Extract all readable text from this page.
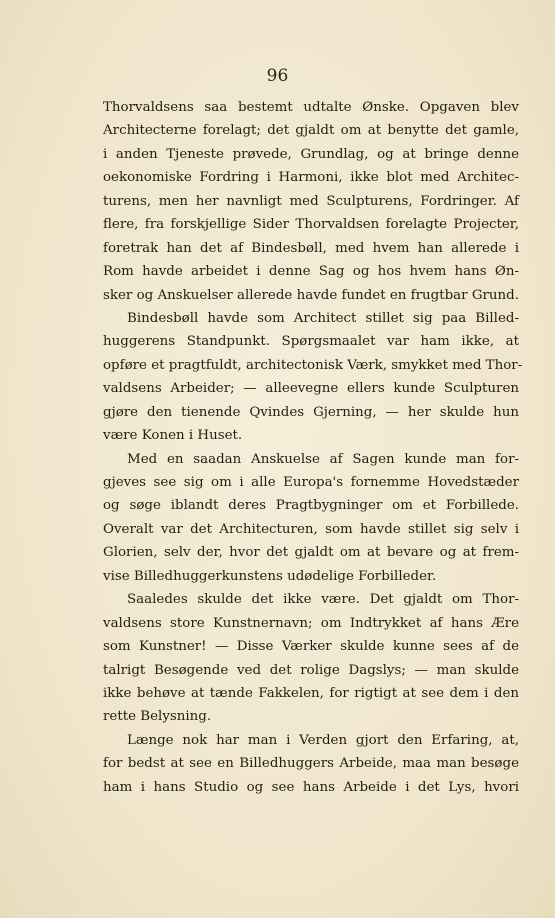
96
Thorvaldsens saa bestemt udtalte Ønske. Opgaven blev
Architecterne forelagt; det gjaldt om at benytte det gamle,
i anden Tjeneste prøvede, Grundlag, og at bringe denne
oekonomiske Fordring i Harmoni, ikke blot med Architec-
turens, men her navnligt med Sculpturens, Fordringer. Af
flere, fra forskjellige Sider Thorvaldsen forelagte Projecter,
foretrak han det af Bindesbøll, med hvem han allerede i
Rom havde arbeidet i denne Sag og hos hvem hans Øn-
sker og Anskuelser allerede havde fundet en frugtbar Grund.
Bindesbøll havde som Architect stillet sig paa Billed-
huggerens Standpunkt. Spørgsmaalet var ham ikke, at
opføre et pragtfuldt, architectonisk Værk, smykket med Thor-
valdsens Arbeider; — alleevegne ellers kunde Sculpturen
gjøre den tienende Qvindes Gjerning, — her skulde hun
være Konen i Huset.
Med en saadan Anskuelse af Sagen kunde man for-
gjeves see sig om i alle Europa's fornemme Hovedstæder
og søge iblandt deres Pragtbygninger om et Forbillede.
Overalt var det Architecturen, som havde stillet sig selv i
Glorien, selv der, hvor det gjaldt om at bevare og at frem-
vise Billedhuggerkunstens udødelige Forbilleder.
Saaledes skulde det ikke være. Det gjaldt om Thor-
valdsens store Kunstnernavn; om Indtrykket af hans Ære
som Kunstner! — Disse Værker skulde kunne sees af de
talrigt Besøgende ved det rolige Dagslys; — man skulde
ikke behøve at tænde Fakkelen, for rigtigt at see dem i den
rette Belysning.
Længe nok har man i Verden gjort den Erfaring, at,
for bedst at see en Billedhuggers Arbeide, maa man besøge
ham i hans Studio og see hans Arbeide i det Lys, hvori
